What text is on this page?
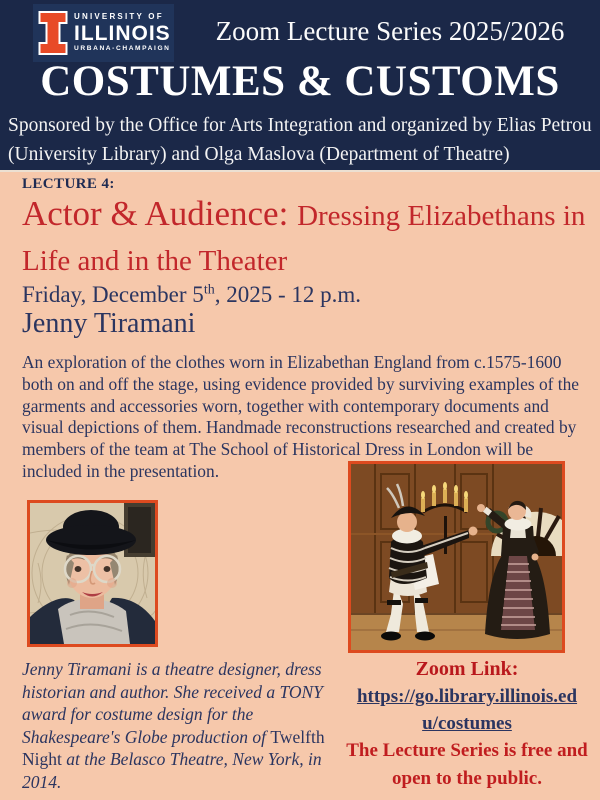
UNIVERSITY OF
ILLINOIS
URBANA-CHAMPAIGN
Zoom Lecture Series 2025/2026
COSTUMES & CUSTOMS
Sponsored by the Office for Arts Integration and organized by Elias Petrou
(University Library) and Olga Maslova (Department of Theatre)
LECTURE 4:
Actor & Audience: Dressing Elizabethans in Life and in the Theater
Friday, December 5th, 2025 - 12 p.m.
Jenny Tiramani
An exploration of the clothes worn in Elizabethan England from c.1575-1600 both on and off the stage, using evidence provided by surviving examples of the garments and accessories worn, together with contemporary documents and visual depictions of them. Handmade reconstructions researched and created by members of the team at The School of Historical Dress in London will be included in the presentation.
Jenny Tiramani is a theatre designer, dress historian and author. She received a TONY award for costume design for the Shakespeare's Globe production of Twelfth Night at the Belasco Theatre, New York, in 2014.
Zoom Link:
https://go.library.illinois.edu/costumes
The Lecture Series is free and open to the public.
